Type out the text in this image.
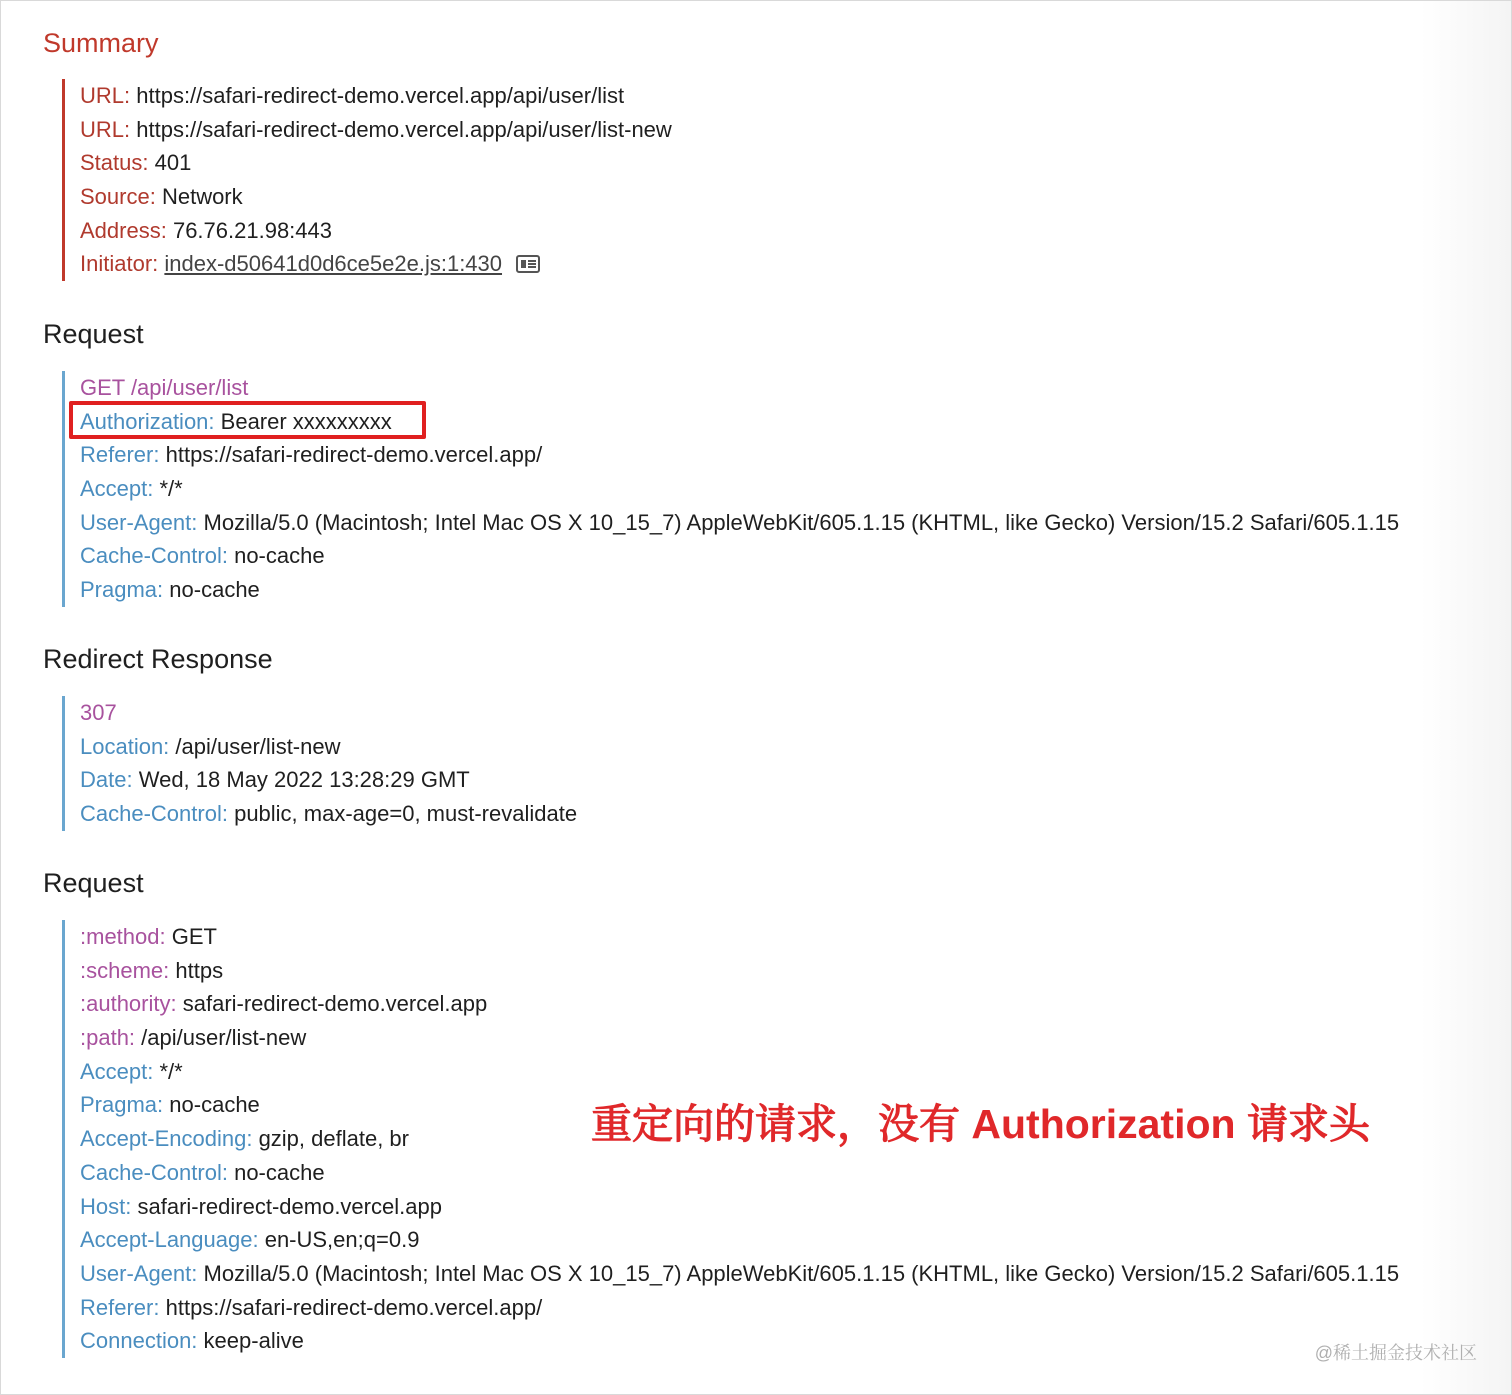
Summary
URL: https://safari-redirect-demo.vercel.app/api/user/list
URL: https://safari-redirect-demo.vercel.app/api/user/list-new
Status: 401
Source: Network
Address: 76.76.21.98:443
Initiator: index-d50641d0d6ce5e2e.js:1:430
Request
GET /api/user/list
Authorization: Bearer xxxxxxxxx
Referer: https://safari-redirect-demo.vercel.app/
Accept: */*
User-Agent: Mozilla/5.0 (Macintosh; Intel Mac OS X 10_15_7) AppleWebKit/605.1.15 (KHTML, like Gecko) Version/15.2 Safari/605.1.15
Cache-Control: no-cache
Pragma: no-cache
Redirect Response
307
Location: /api/user/list-new
Date: Wed, 18 May 2022 13:28:29 GMT
Cache-Control: public, max-age=0, must-revalidate
Request
:method: GET
:scheme: https
:authority: safari-redirect-demo.vercel.app
:path: /api/user/list-new
Accept: */*
Pragma: no-cache
Accept-Encoding: gzip, deflate, br
Cache-Control: no-cache
Host: safari-redirect-demo.vercel.app
Accept-Language: en-US,en;q=0.9
User-Agent: Mozilla/5.0 (Macintosh; Intel Mac OS X 10_15_7) AppleWebKit/605.1.15 (KHTML, like Gecko) Version/15.2 Safari/605.1.15
Referer: https://safari-redirect-demo.vercel.app/
Connection: keep-alive
重定向的请求，没有 Authorization 请求头
@稀土掘金技术社区
